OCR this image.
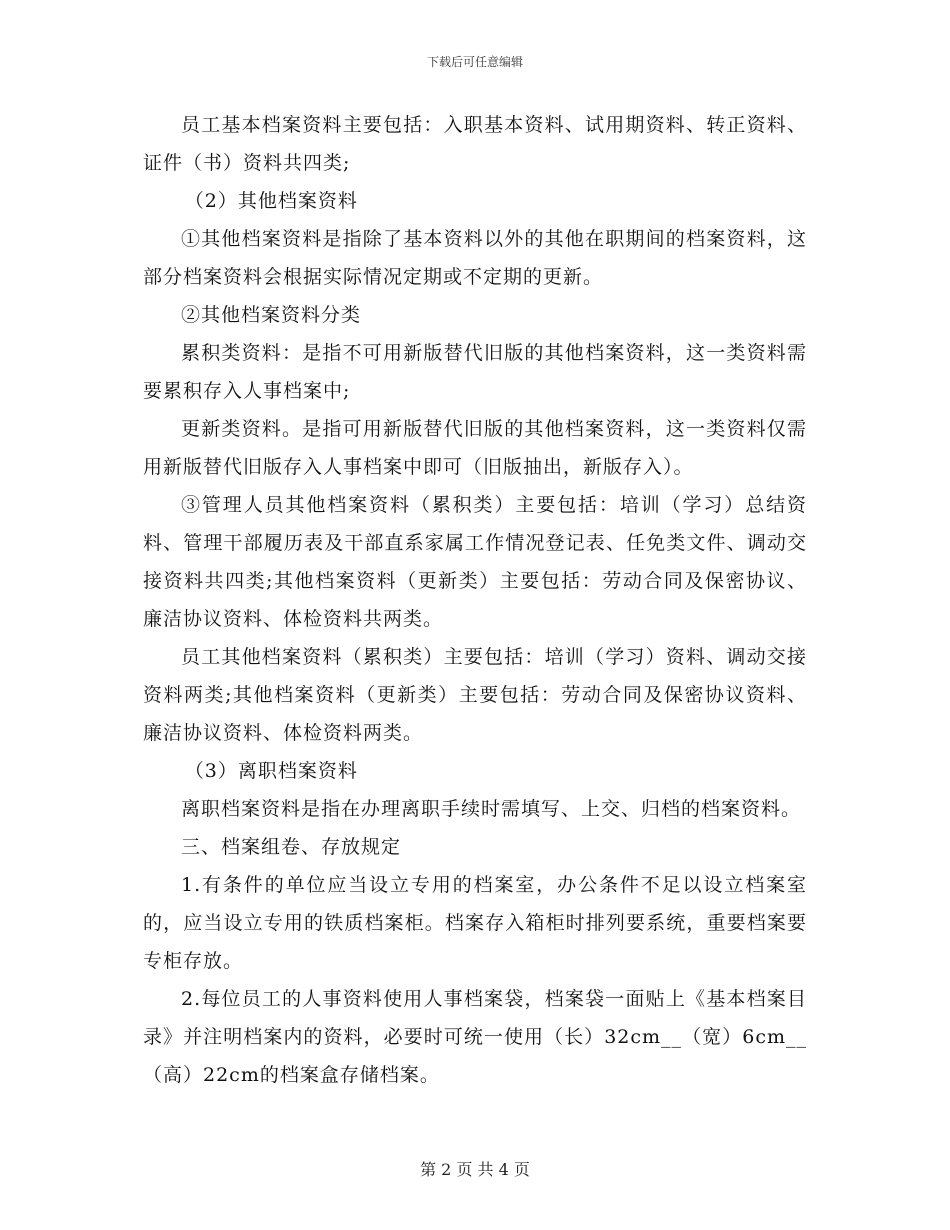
下载后可任意编辑

员工基本档案资料主要包括：入职基本资料、试用期资料、转正资料、证件（书）资料共四类;

（2）其他档案资料

①其他档案资料是指除了基本资料以外的其他在职期间的档案资料，这部分档案资料会根据实际情况定期或不定期的更新。

②其他档案资料分类

累积类资料：是指不可用新版替代旧版的其他档案资料，这一类资料需要累积存入人事档案中;

更新类资料。是指可用新版替代旧版的其他档案资料，这一类资料仅需用新版替代旧版存入人事档案中即可（旧版抽出，新版存入）。

③管理人员其他档案资料（累积类）主要包括：培训（学习）总结资料、管理干部履历表及干部直系家属工作情况登记表、任免类文件、调动交接资料共四类;其他档案资料（更新类）主要包括：劳动合同及保密协议、廉洁协议资料、体检资料共两类。

员工其他档案资料（累积类）主要包括：培训（学习）资料、调动交接资料两类;其他档案资料（更新类）主要包括：劳动合同及保密协议资料、廉洁协议资料、体检资料两类。

（3）离职档案资料

离职档案资料是指在办理离职手续时需填写、上交、归档的档案资料。

三、档案组卷、存放规定

1.有条件的单位应当设立专用的档案室，办公条件不足以设立档案室的，应当设立专用的铁质档案柜。档案存入箱柜时排列要系统，重要档案要专柜存放。

2.每位员工的人事资料使用人事档案袋，档案袋一面贴上《基本档案目录》并注明档案内的资料，必要时可统一使用（长）32cm__（宽）6cm__（高）22cm的档案盒存储档案。

第 2 页 共 4 页
